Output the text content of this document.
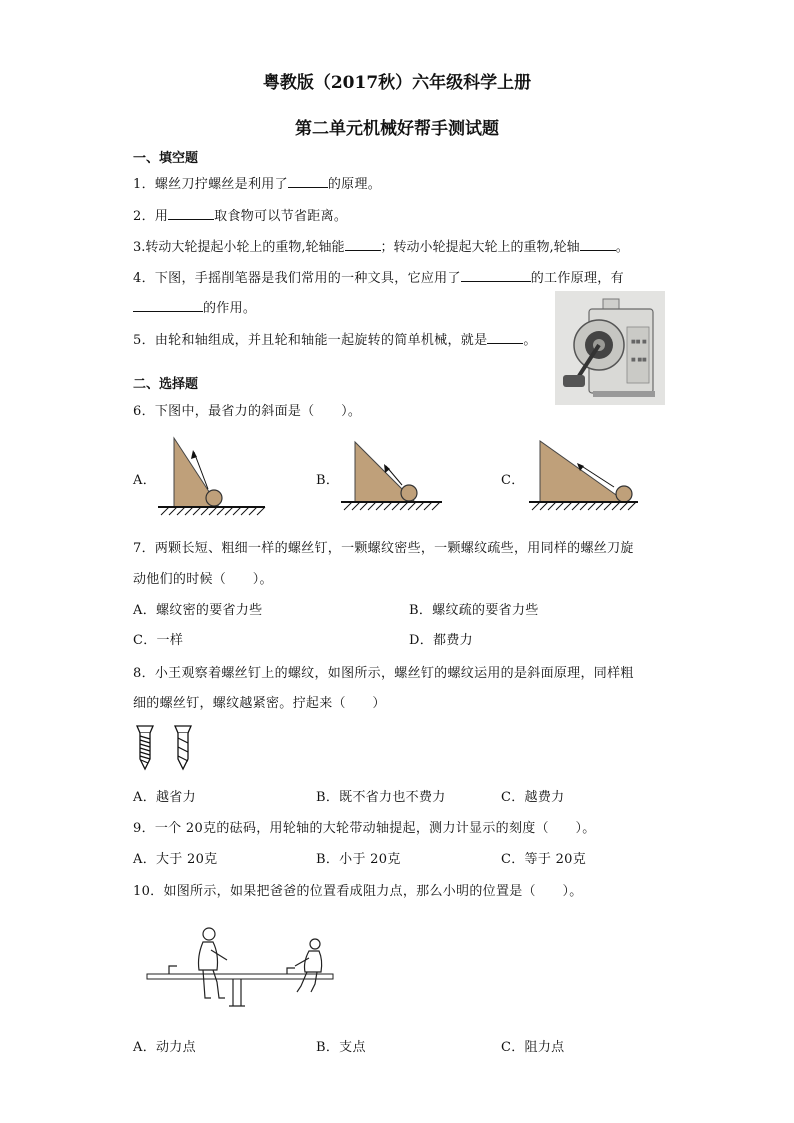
粤教版（2017秋）六年级科学上册
第二单元机械好帮手测试题
一、填空题
1．螺丝刀拧螺丝是利用了	的原理。
2．用	取食物可以节省距离。
3.转动大轮提起小轮上的重物,轮轴能	；转动小轮提起大轮上的重物,轮轴	。
4．下图，手摇削笔器是我们常用的一种文具，它应用了	的工作原理，有
的作用。
5．由轮和轴组成，并且轮和轴能一起旋转的简单机械，就是	。	■■ ■
■ ■■
二、选择题
6．下图中，最省力的斜面是（　　）。
A．	B．	C．
7．两颗长短、粗细一样的螺丝钉，一颗螺纹密些，一颗螺纹疏些，用同样的螺丝刀旋
动他们的时候（　　）。
A．螺纹密的要省力些	B．螺纹疏的要省力些
C．一样	D．都费力
8．小王观察着螺丝钉上的螺纹，如图所示，螺丝钉的螺纹运用的是斜面原理，同样粗
细的螺丝钉，螺纹越紧密。拧起来（　　）
A．越省力	B．既不省力也不费力	C．越费力
9．一个 20克的砝码，用轮轴的大轮带动轴提起，测力计显示的刻度（　　）。
A．大于 20克	B．小于 20克	C．等于 20克
10．如图所示，如果把爸爸的位置看成阻力点，那么小明的位置是（　　）。
A．动力点	B．支点	C．阻力点
